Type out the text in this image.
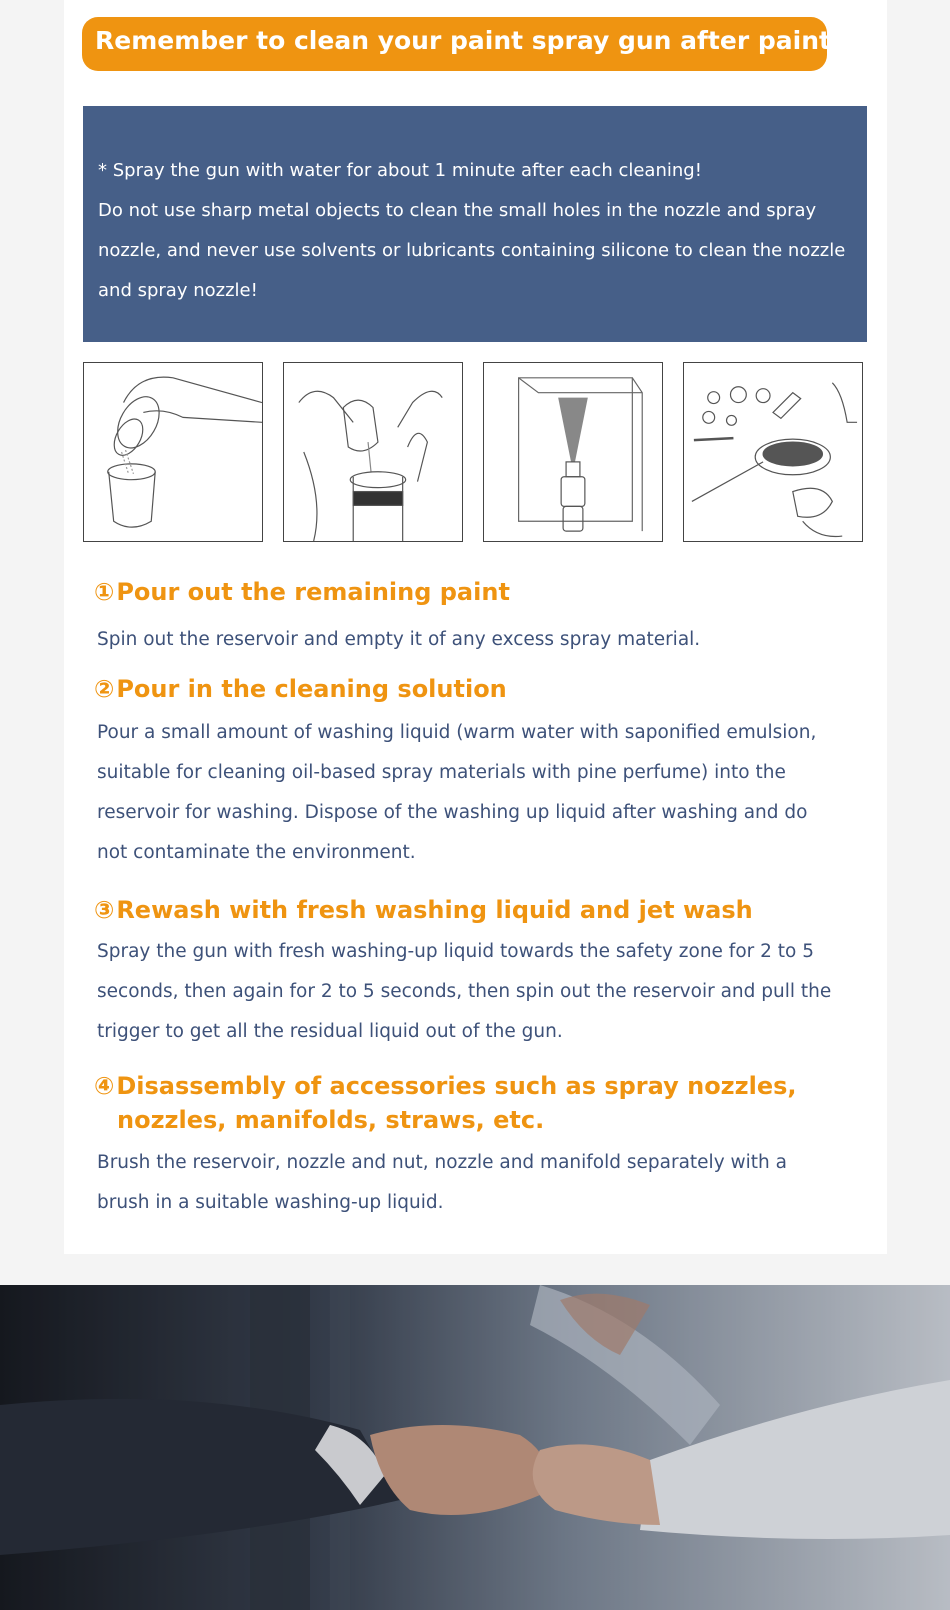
Remember to clean your paint spray gun after painting

* Spray the gun with water for about 1 minute after each cleaning!

Do not use sharp metal objects to clean the small holes in the nozzle and spray nozzle, and never use solvents or lubricants containing silicone to clean the nozzle and spray nozzle!

①Pour out the remaining paint
Spin out the reservoir and empty it of any excess spray material.
②Pour in the cleaning solution
Pour a small amount of washing liquid (warm water with saponified emulsion, suitable for cleaning oil-based spray materials with pine perfume) into the reservoir for washing. Dispose of the washing up liquid after washing and do not contaminate the environment.
③Rewash with fresh washing liquid and jet wash
Spray the gun with fresh washing-up liquid towards the safety zone for 2 to 5 seconds, then again for 2 to 5 seconds, then spin out the reservoir and pull the trigger to get all the residual liquid out of the gun.
④Disassembly of accessories such as spray nozzles,
nozzles, manifolds, straws, etc.
Brush the reservoir, nozzle and nut, nozzle and manifold separately with a brush in a suitable washing-up liquid.
